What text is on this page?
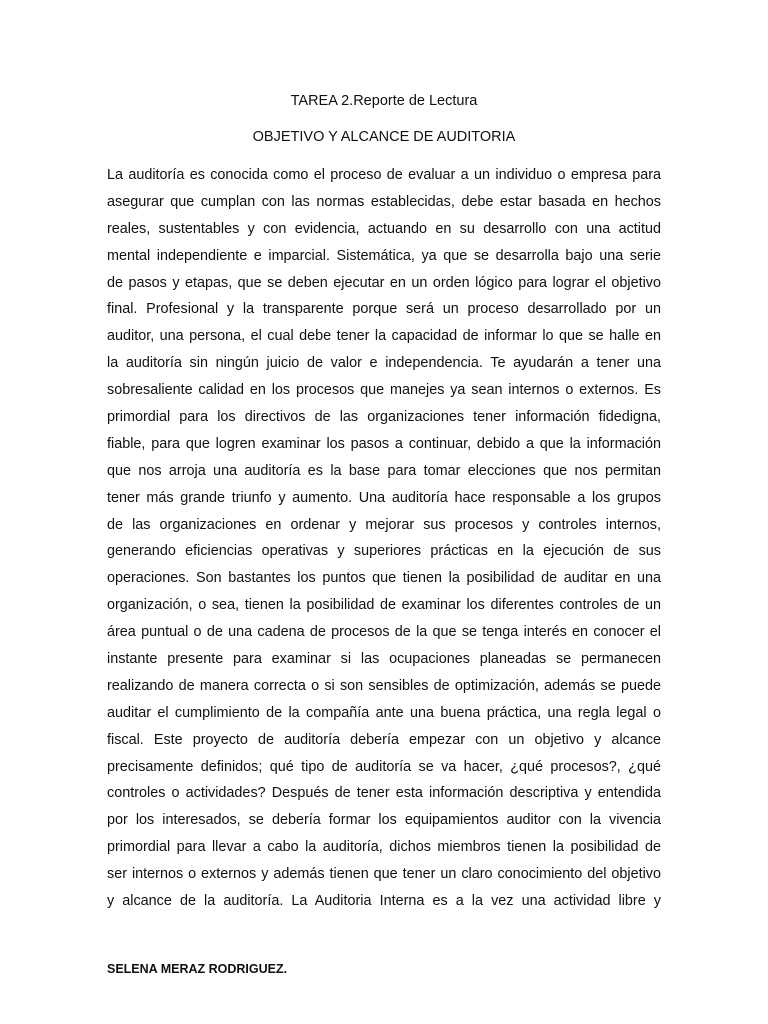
TAREA 2.Reporte de Lectura
OBJETIVO Y ALCANCE DE AUDITORIA
La auditoría es conocida como el proceso de evaluar a un individuo o empresa para
asegurar que cumplan con las normas establecidas, debe estar basada en hechos
reales, sustentables y con evidencia, actuando en su desarrollo con una actitud
mental independiente e imparcial. Sistemática, ya que se desarrolla bajo una serie
de pasos y etapas, que se deben ejecutar en un orden lógico para lograr el objetivo
final. Profesional y la transparente porque será un proceso desarrollado por un
auditor, una persona, el cual debe tener la capacidad de informar lo que se halle en
la auditoría sin ningún juicio de valor e independencia. Te ayudarán a tener una
sobresaliente calidad en los procesos que manejes ya sean internos o externos. Es
primordial para los directivos de las organizaciones tener información fidedigna,
fiable, para que logren examinar los pasos a continuar, debido a que la información
que nos arroja una auditoría es la base para tomar elecciones que nos permitan
tener más grande triunfo y aumento. Una auditoría hace responsable a los grupos
de las organizaciones en ordenar y mejorar sus procesos y controles internos,
generando eficiencias operativas y superiores prácticas en la ejecución de sus
operaciones. Son bastantes los puntos que tienen la posibilidad de auditar en una
organización, o sea, tienen la posibilidad de examinar los diferentes controles de un
área puntual o de una cadena de procesos de la que se tenga interés en conocer el
instante presente para examinar si las ocupaciones planeadas se permanecen
realizando de manera correcta o si son sensibles de optimización, además se puede
auditar el cumplimiento de la compañía ante una buena práctica, una regla legal o
fiscal. Este proyecto de auditoría debería empezar con un objetivo y alcance
precisamente definidos; qué tipo de auditoría se va hacer, ¿qué procesos?, ¿qué
controles o actividades? Después de tener esta información descriptiva y entendida
por los interesados, se debería formar los equipamientos auditor con la vivencia
primordial para llevar a cabo la auditoría, dichos miembros tienen la posibilidad de
ser internos o externos y además tienen que tener un claro conocimiento del objetivo
y alcance de la auditoría. La Auditoria Interna es a la vez una actividad libre y
SELENA MERAZ RODRIGUEZ.
